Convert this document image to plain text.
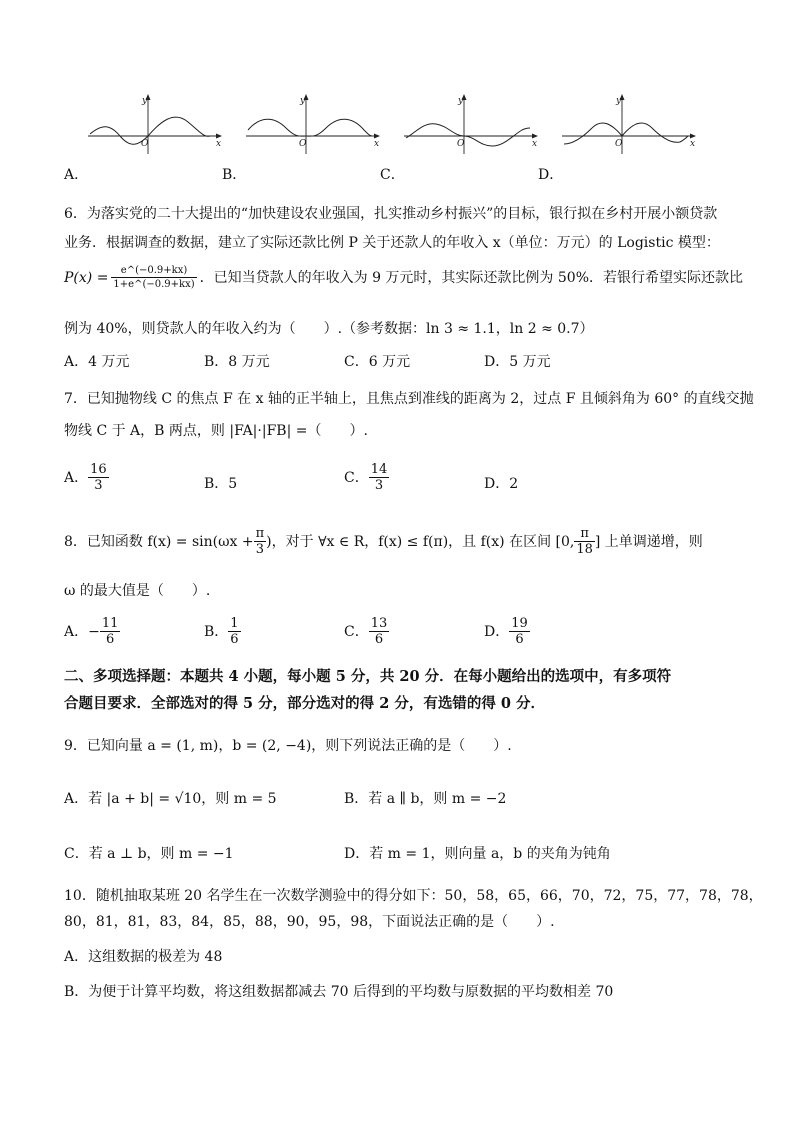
O
y
x	O
y
x	O
y
x	O
y
x
A．	B．	C．	D．
6．为落实党的二十大提出的“加快建设农业强国，扎实推动乡村振兴”的目标，银行拟在乡村开展小额贷款
业务．根据调查的数据，建立了实际还款比例 P 关于还款人的年收入 x（单位：万元）的 Logistic 模型：
$P(x) = \frac{e\^{}(-0.9+kx)}{1+e\^{}(-0.9+kx)}$ ．已知当贷款人的年收入为 9 万元时，其实际还款比例为 50%．若银行希望实际还款比
例为 40%，则贷款人的年收入约为（　　）.（参考数据：ln 3 ≈ 1.1，ln 2 ≈ 0.7）
A．4 万元	B．8 万元	C．6 万元	D．5 万元
7．已知抛物线 C 的焦点 F 在 x 轴的正半轴上，且焦点到准线的距离为 2，过点 F 且倾斜角为 60° 的直线交抛
物线 C 于 A，B 两点，则 |FA|·|FB| =（　　）.
A． $\frac{16}{3}$	B．5	C． $\frac{14}{3}$	D．2
8．已知函数 $f(x) = \sin(\omega x + \frac{\pi}{3}$ )，对于 ∀x ∈ R，f(x) ≤ f(π)，且 f(x) 在区间 [0, $\frac{\pi}{18}$ ] 上单调递增，则
ω 的最大值是（　　）.
A．− $\frac{11}{6}$	B． $\frac{1}{6}$	C． $\frac{13}{6}$	D． $\frac{19}{6}$
二、多项选择题：本题共 4 小题，每小题 5 分，共 20 分．在每小题给出的选项中，有多项符
合题目要求．全部选对的得 5 分，部分选对的得 2 分，有选错的得 0 分．
9．已知向量 a = (1, m)，b = (2, −4)，则下列说法正确的是（　　）.
A．若 |a + b| = √10，则 m = 5	B．若 a ∥ b，则 m = −2
C．若 a ⊥ b，则 m = −1	D．若 m = 1，则向量 a，b 的夹角为钝角
10．随机抽取某班 20 名学生在一次数学测验中的得分如下：50，58，65，66，70，72，75，77，78，78，
80，81，81，83，84，85，88，90，95，98，下面说法正确的是（　　）.
A．这组数据的极差为 48
B．为便于计算平均数，将这组数据都减去 70 后得到的平均数与原数据的平均数相差 70
